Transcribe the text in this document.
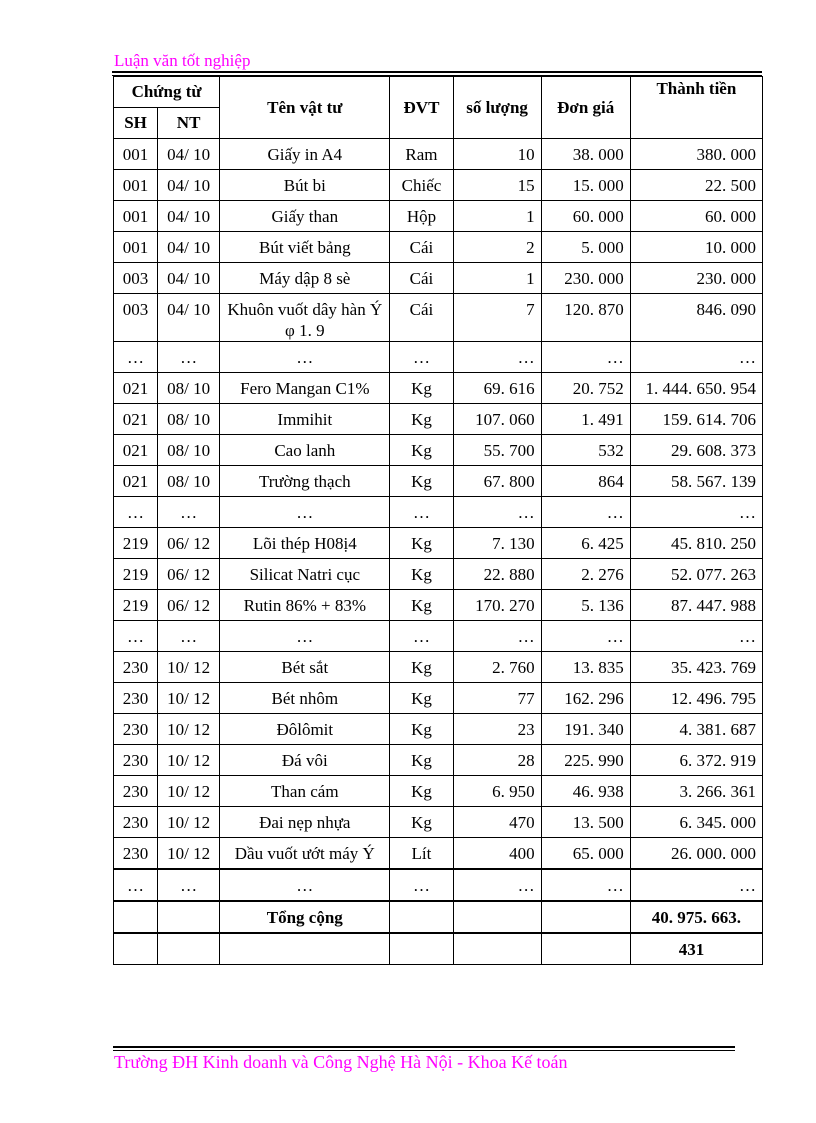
Luận văn tốt nghiệp
Chứng từ		Tên vật tư	ĐVT	số lượng	Đơn giá	Thành tiền
SH	NT					
001	04/ 10	Giấy in A4	Ram	10	38. 000	380. 000
001	04/ 10	Bút bi	Chiếc	15	15. 000	22. 500
001	04/ 10	Giấy than	Hộp	1	60. 000	60. 000
001	04/ 10	Bút viết bảng	Cái	2	5. 000	10. 000
003	04/ 10	Máy dập 8 sè	Cái	1	230. 000	230. 000
003	04/ 10	Khuôn vuốt dây hàn Ý φ 1. 9	Cái	7	120. 870	846. 090
…	…	…	…	…	…	…
021	08/ 10	Fero Mangan C1%	Kg	69. 616	20. 752	1. 444. 650. 954
021	08/ 10	Immihit	Kg	107. 060	1. 491	159. 614. 706
021	08/ 10	Cao lanh	Kg	55. 700	532	29. 608. 373
021	08/ 10	Trường thạch	Kg	67. 800	864	58. 567. 139
…	…	…	…	…	…	…
219	06/ 12	Lõi thép H08ị4	Kg	7. 130	6. 425	45. 810. 250
219	06/ 12	Silicat Natri cục	Kg	22. 880	2. 276	52. 077. 263
219	06/ 12	Rutin 86% + 83%	Kg	170. 270	5. 136	87. 447. 988
…	…	…	…	…	…	…
230	10/ 12	Bét sắt	Kg	2. 760	13. 835	35. 423. 769
230	10/ 12	Bét nhôm	Kg	77	162. 296	12. 496. 795
230	10/ 12	Đôlômit	Kg	23	191. 340	4. 381. 687
230	10/ 12	Đá vôi	Kg	28	225. 990	6. 372. 919
230	10/ 12	Than cám	Kg	6. 950	46. 938	3. 266. 361
230	10/ 12	Đai nẹp nhựa	Kg	470	13. 500	6. 345. 000
230	10/ 12	Dầu vuốt ướt máy Ý	Lít	400	65. 000	26. 000. 000
…	…	…	…	…	…	…
		Tổng cộng				40. 975. 663.
						431
Trường ĐH Kinh doanh và Công Nghệ Hà Nội - Khoa Kế toán
